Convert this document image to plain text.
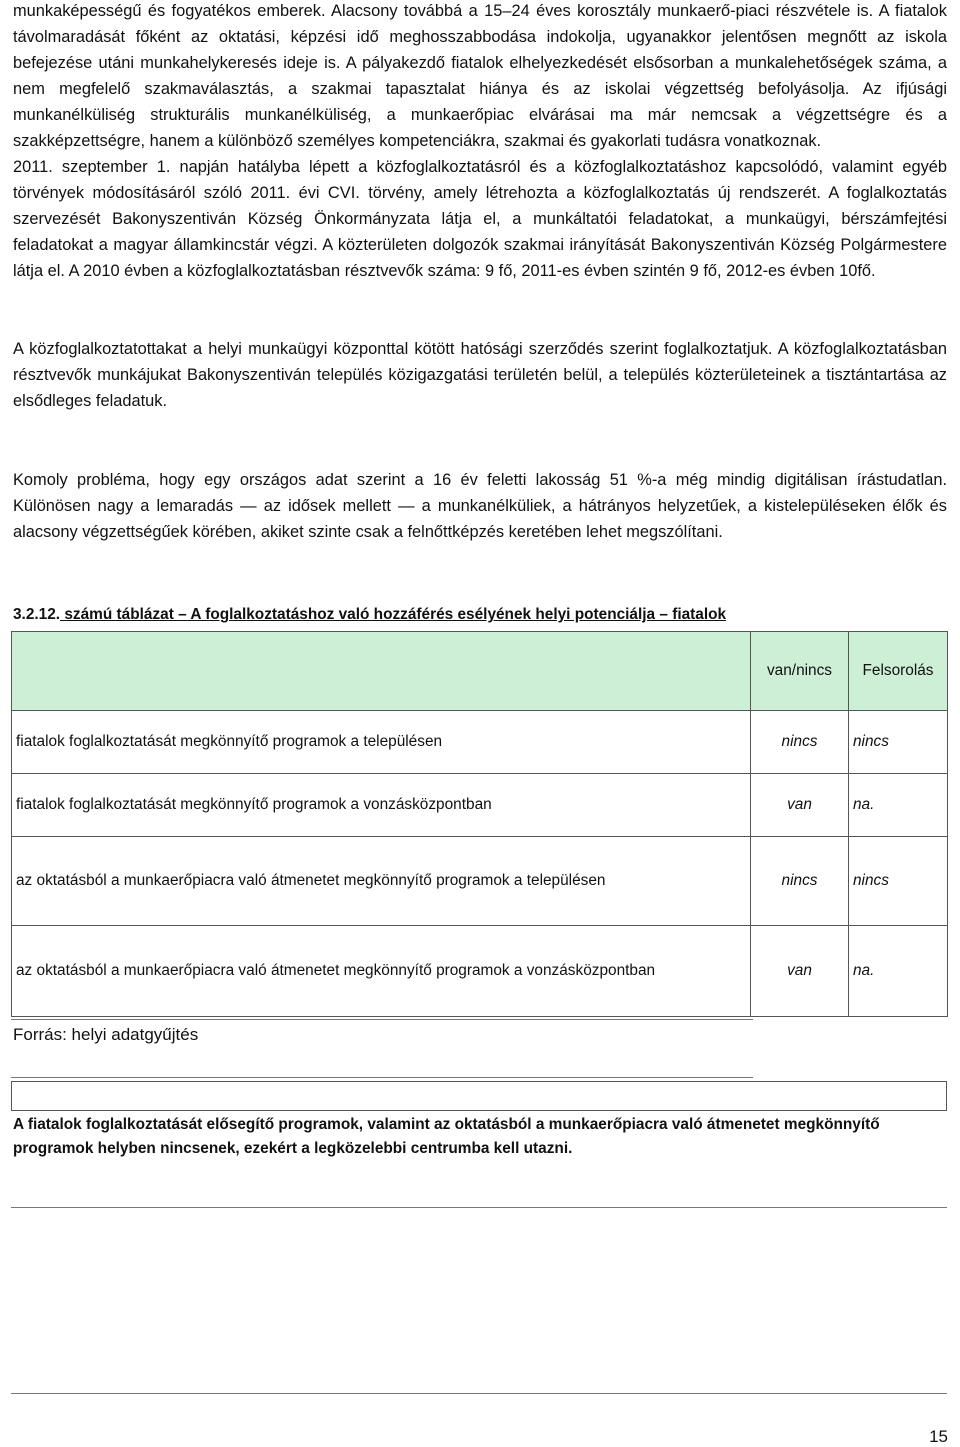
munkaképességű és fogyatékos emberek. Alacsony továbbá a 15–24 éves korosztály munkaerő-piaci részvétele is. A fiatalok távolmaradását főként az oktatási, képzési idő meghosszabbodása indokolja, ugyanakkor jelentősen megnőtt az iskola befejezése utáni munkahelykeresés ideje is. A pályakezdő fiatalok elhelyezkedését elsősorban a munkalehetőségek száma, a nem megfelelő szakmaválasztás, a szakmai tapasztalat hiánya és az iskolai végzettség befolyásolja. Az ifjúsági munkanélküliség strukturális munkanélküliség, a munkaerőpiac elvárásai ma már nemcsak a végzettségre és a szakképzettségre, hanem a különböző személyes kompetenciákra, szakmai és gyakorlati tudásra vonatkoznak.
2011. szeptember 1. napján hatályba lépett a közfoglalkoztatásról és a közfoglalkoztatáshoz kapcsolódó, valamint egyéb törvények módosításáról szóló 2011. évi CVI. törvény, amely létrehozta a közfoglalkoztatás új rendszerét. A foglalkoztatás szervezését Bakonyszentiván Község Önkormányzata látja el, a munkáltatói feladatokat, a munkaügyi, bérszámfejtési feladatokat a magyar államkincstár végzi. A közterületen dolgozók szakmai irányítását Bakonyszentiván Község Polgármestere látja el. A 2010 évben a közfoglalkoztatásban résztvevők száma: 9 fő, 2011-es évben szintén 9 fő, 2012-es évben 10fő.

A közfoglalkoztatottakat a helyi munkaügyi központtal kötött hatósági szerződés szerint foglalkoztatjuk. A közfoglalkoztatásban résztvevők munkájukat Bakonyszentiván település közigazgatási területén belül, a település közterületeinek a tisztántartása az elsődleges feladatuk.

Komoly probléma, hogy egy országos adat szerint a 16 év feletti lakosság 51 %-a még mindig digitálisan írástudatlan. Különösen nagy a lemaradás — az idősek mellett — a munkanélküliek, a hátrányos helyzetűek, a kistelepüléseken élők és alacsony végzettségűek körében, akiket szinte csak a felnőttképzés keretében lehet megszólítani.

3.2.12. számú táblázat – A foglalkoztatáshoz való hozzáférés esélyének helyi potenciálja – fiatalok
	van/nincs	Felsorolás
fiatalok foglalkoztatását megkönnyítő programok a településen	nincs	nincs
fiatalok foglalkoztatását megkönnyítő programok a vonzásközpontban	van	na.
az oktatásból a munkaerőpiacra való átmenetet megkönnyítő programok a településen	nincs	nincs
az oktatásból a munkaerőpiacra való átmenetet megkönnyítő programok a vonzásközpontban	van	na.
Forrás: helyi adatgyűjtés
A fiatalok foglalkoztatását elősegítő programok, valamint az oktatásból a munkaerőpiacra való átmenetet megkönnyítő programok helyben nincsenek, ezekért a legközelebbi centrumba kell utazni.
15
